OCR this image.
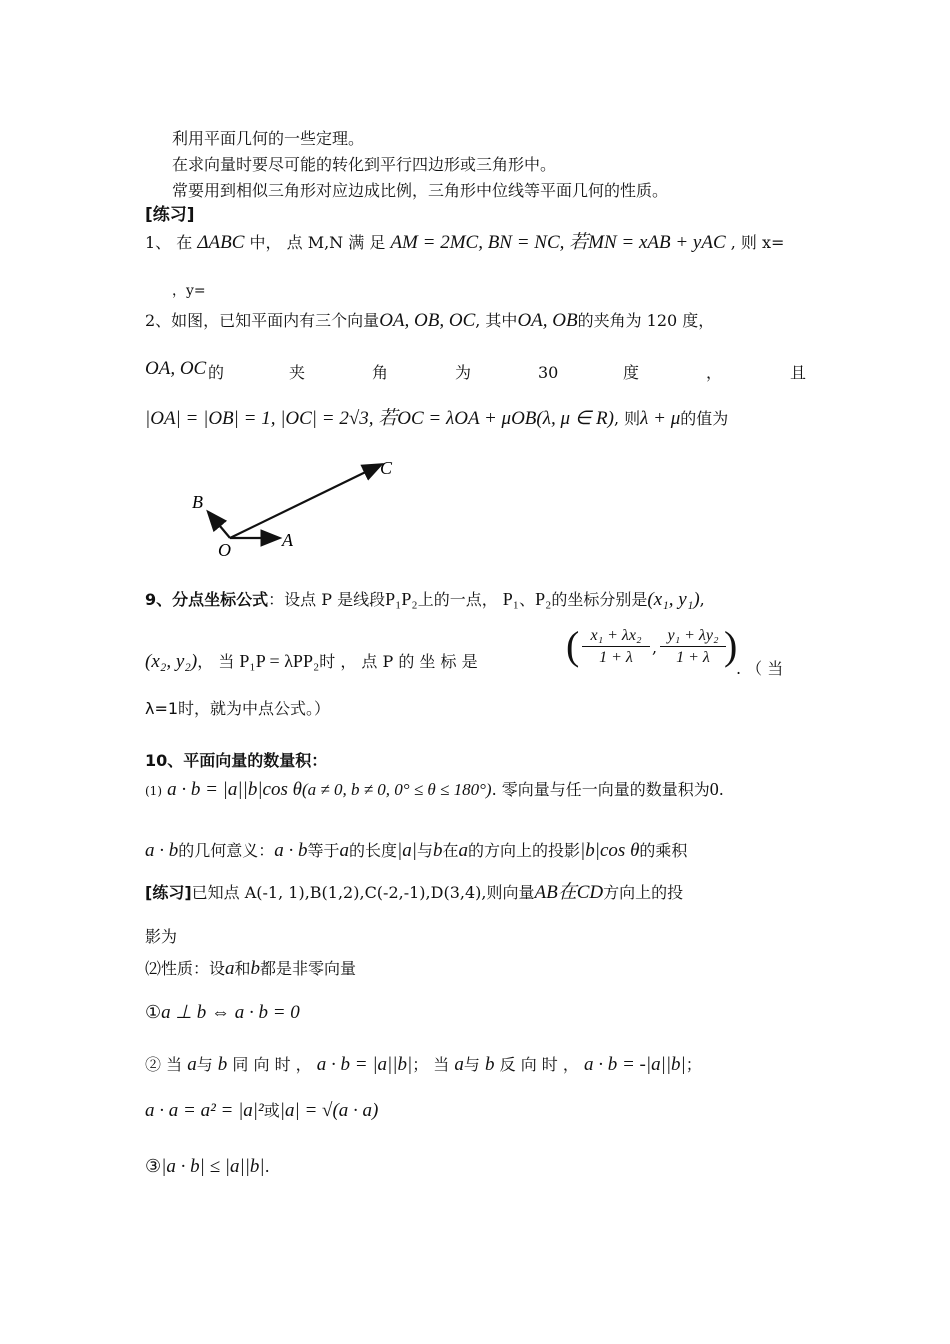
利用平面几何的一些定理。
在求向量时要尽可能的转化到平行四边形或三角形中。
常要用到相似三角形对应边成比例，三角形中位线等平面几何的性质。
[练习]
1、 在 ΔABC 中， 点 M,N 满 足 AM = 2MC, BN = NC, 若MN = xAB + yAC , 则 x=
，y=
2、如图，已知平面内有三个向量OA, OB, OC, 其中OA, OB的夹角为 120 度，
OA, OC 的	夹	角	为	30	度	，	且
|OA| = |OB| = 1, |OC| = 2√3, 若OC = λOA + μOB(λ, μ ∈ R), 则λ + μ的值为
B
C
O	A
9、分点坐标公式：设点 P 是线段P₁P₂上的一点， P₁、P₂的坐标分别是(x₁, y₁),
(x₂, y₂)， 当 P₁P = λPP₂时 ， 点 P 的 坐 标 是 ( $\frac{\text{x₁ + λx₂}}{1 + \lambda}$ , $\frac{\text{y₁ + λy₂}}{1 + \lambda}$
)
. （ 当
λ=1时，就为中点公式。）
10、平面向量的数量积：
(1) a · b = |a||b|cos θ(a ≠ 0, b ≠ 0, 0° ≤ θ ≤ 180°). 零向量与任一向量的数量积为0.
a · b的几何意义：a · b等于a的长度|a|与b在a的方向上的投影|b|cos θ的乘积
[练习]已知点 A(-1, 1),B(1,2),C(-2,-1),D(3,4),则向量AB在CD方向上的投
影为
⑵性质：设a和b都是非零向量
①a ⊥ b ⇔ a · b = 0
② 当 a与 b 同 向 时 ， a · b = |a||b|； 当 a与 b 反 向 时 ， a · b = -|a||b|；
a · a = a² = |a|²或|a| = √(a · a)
③|a · b| ≤ |a||b|.
